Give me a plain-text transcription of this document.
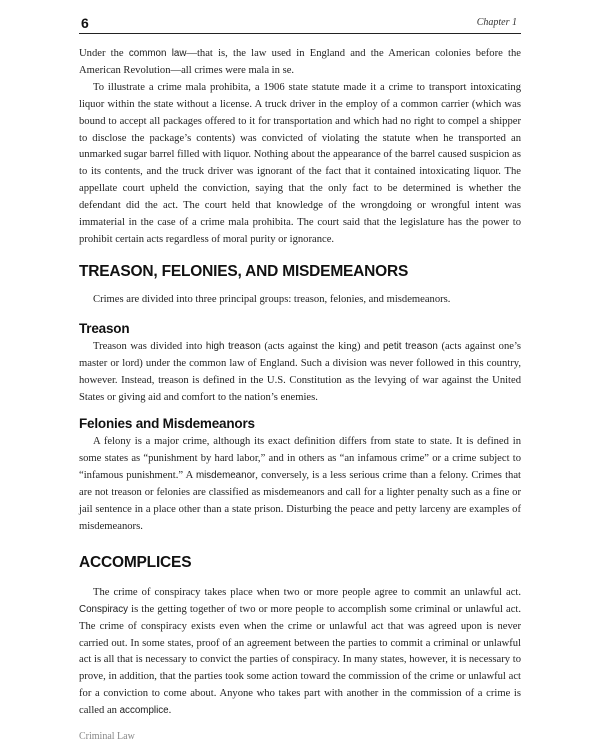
6	Chapter 1

Under the common law—that is, the law used in England and the American colonies before the American Revolution—all crimes were mala in se.

To illustrate a crime mala prohibita, a 1906 state statute made it a crime to transport intoxicating liquor within the state without a license. A truck driver in the employ of a common carrier (which was bound to accept all packages offered to it for transportation and which had no right to compel a shipper to disclose the package’s contents) was convicted of violating the statute when he transported an unmarked sugar barrel filled with liquor. Nothing about the appearance of the barrel caused suspicion as to its contents, and the truck driver was ignorant of the fact that it contained intoxicating liquor. The appellate court upheld the conviction, saying that the only fact to be determined is whether the defendant did the act. The court held that knowledge of the wrongdoing or wrongful intent was immaterial in the case of a crime mala prohibita. The court said that the legislature has the power to prohibit certain acts regardless of moral purity or ignorance.

TREASON, FELONIES, AND MISDEMEANORS

Crimes are divided into three principal groups: treason, felonies, and misdemeanors.

Treason

Treason was divided into high treason (acts against the king) and petit treason (acts against one’s master or lord) under the common law of England. Such a division was never followed in this country, however. Instead, treason is defined in the U.S. Constitution as the levying of war against the United States or giving aid and comfort to the nation’s enemies.

Felonies and Misdemeanors

A felony is a major crime, although its exact definition differs from state to state. It is defined in some states as “punishment by hard labor,” and in others as “an infamous crime” or a crime subject to “infamous punishment.” A misdemeanor, conversely, is a less serious crime than a felony. Crimes that are not treason or felonies are classified as misdemeanors and call for a lighter penalty such as a fine or jail sentence in a place other than a state prison. Disturbing the peace and petty larceny are examples of misdemeanors.

ACCOMPLICES

The crime of conspiracy takes place when two or more people agree to commit an unlawful act. Conspiracy is the getting together of two or more people to accomplish some criminal or unlawful act. The crime of conspiracy exists even when the crime or unlawful act that was agreed upon is never carried out. In some states, proof of an agreement between the parties to commit a criminal or unlawful act is all that is necessary to convict the parties of conspiracy. In many states, however, it is necessary to prove, in addition, that the parties took some action toward the commission of the crime or unlawful act for a conviction to come about. Anyone who takes part with another in the commission of a crime is called an accomplice.

Criminal Law
